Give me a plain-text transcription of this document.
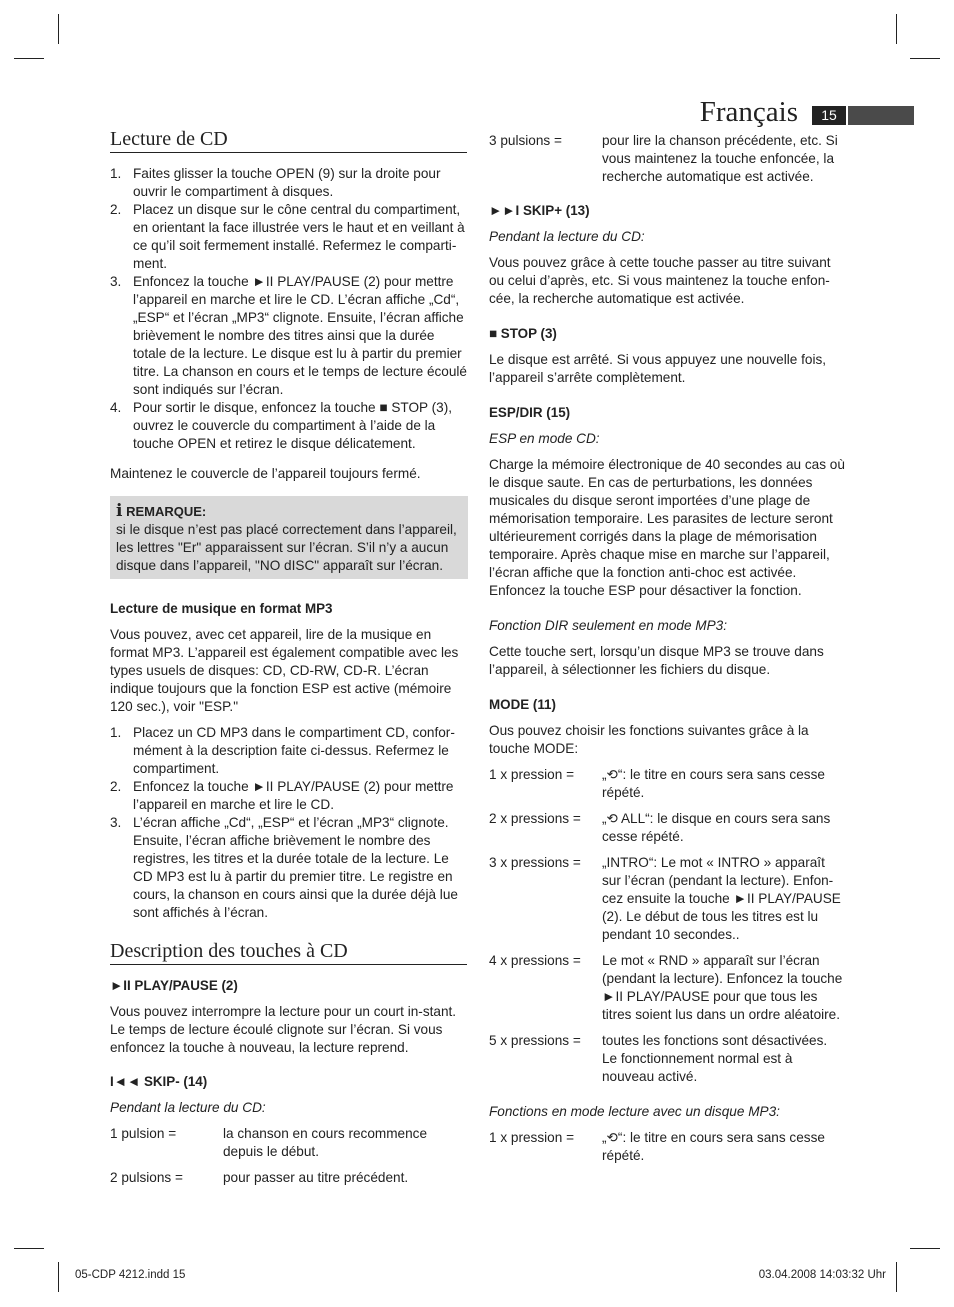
Français	15
Lecture de CD
1. Faites glisser la touche OPEN (9) sur la droite pour ouvrir le compartiment à disques.
2. Placez un disque sur le cône central du compartiment, en orientant la face illustrée vers le haut et en veillant à ce qu’il soit fermement installé. Refermez le comparti-ment.
3. Enfoncez la touche ►II PLAY/PAUSE (2) pour mettre l’appareil en marche et lire le CD. L’écran affiche „Cd“, „ESP“ et l’écran „MP3“ clignote. Ensuite, l’écran affiche brièvement le nombre des titres ainsi que la durée totale de la lecture. Le disque est lu à partir du premier titre. La chanson en cours et le temps de lecture écoulé sont indiqués sur l’écran.
4. Pour sortir le disque, enfoncez la touche ■ STOP (3), ouvrez le couvercle du compartiment à l’aide de la touche OPEN et retirez le disque délicatement.

Maintenez le couvercle de l’appareil toujours fermé.

i REMARQUE:

si le disque n’est pas placé correctement dans l’appareil, les lettres "Er" apparaissent sur l’écran. S’il n’y a aucun disque dans l’appareil, "NO dISC" apparaît sur l’écran.

Lecture de musique en format MP3

Vous pouvez, avec cet appareil, lire de la musique en format MP3. L’appareil est également compatible avec les types usuels de disques: CD, CD-RW, CD-R. L’écran indique toujours que la fonction ESP est active (mémoire 120 sec.), voir "ESP."

1. Placez un CD MP3 dans le compartiment CD, confor-mément à la description faite ci-dessus. Refermez le compartiment.
2. Enfoncez la touche ►II PLAY/PAUSE (2) pour mettre l’appareil en marche et lire le CD.
3. L’écran affiche „Cd“, „ESP“ et l’écran „MP3“ clignote. Ensuite, l’écran affiche brièvement le nombre des registres, les titres et la durée totale de la lecture. Le CD MP3 est lu à partir du premier titre. Le registre en cours, la chanson en cours ainsi que la durée déjà lue sont affichés à l’écran.
Description des touches à CD

►II PLAY/PAUSE (2)

Vous pouvez interrompre la lecture pour un court in-stant. Le temps de lecture écoulé clignote sur l’écran. Si vous enfoncez la touche à nouveau, la lecture reprend.

I◄◄ SKIP- (14)

Pendant la lecture du CD:

1 pulsion =	la chanson en cours recommence depuis le début.
2 pulsions =	pour passer au titre précédent.
3 pulsions =	pour lire la chanson précédente, etc. Si vous maintenez la touche enfoncée, la recherche automatique est activée.

►►I SKIP+ (13)

Pendant la lecture du CD:

Vous pouvez grâce à cette touche passer au titre suivant ou celui d’après, etc. Si vous maintenez la touche enfon-cée, la recherche automatique est activée.

■ STOP (3)

Le disque est arrêté. Si vous appuyez une nouvelle fois, l’appareil s’arrête complètement.

ESP/DIR (15)

ESP en mode CD:

Charge la mémoire électronique de 40 secondes au cas où le disque saute. En cas de perturbations, les données musicales du disque seront importées d’une plage de mémorisation temporaire. Les parasites de lecture seront ultérieurement corrigés dans la plage de mémorisation temporaire. Après chaque mise en marche sur l’appareil, l’écran affiche que la fonction anti-choc est activée. Enfoncez la touche ESP pour désactiver la fonction.

Fonction DIR seulement en mode MP3:

Cette touche sert, lorsqu’un disque MP3 se trouve dans l’appareil, à sélectionner les fichiers du disque.

MODE (11)

Ous pouvez choisir les fonctions suivantes grâce à la touche MODE:

1 x pression =	„⟲“: le titre en cours sera sans cesse répété.
2 x pressions =	„⟲ ALL“: le disque en cours sera sans cesse répété.
3 x pressions =	„INTRO“: Le mot « INTRO » apparaît sur l’écran (pendant la lecture). Enfon-cez ensuite la touche ►II PLAY/PAUSE (2). Le début de tous les titres est lu pendant 10 secondes..
4 x pressions =	Le mot « RND » apparaît sur l’écran (pendant la lecture). Enfoncez la touche ►II PLAY/PAUSE pour que tous les titres soient lus dans un ordre aléatoire.
5 x pressions =	toutes les fonctions sont désactivées. Le fonctionnement normal est à nouveau activé.

Fonctions en mode lecture avec un disque MP3:

1 x pression =	„⟲“: le titre en cours sera sans cesse répété.
05-CDP 4212.indd 15	03.04.2008 14:03:32 Uhr
